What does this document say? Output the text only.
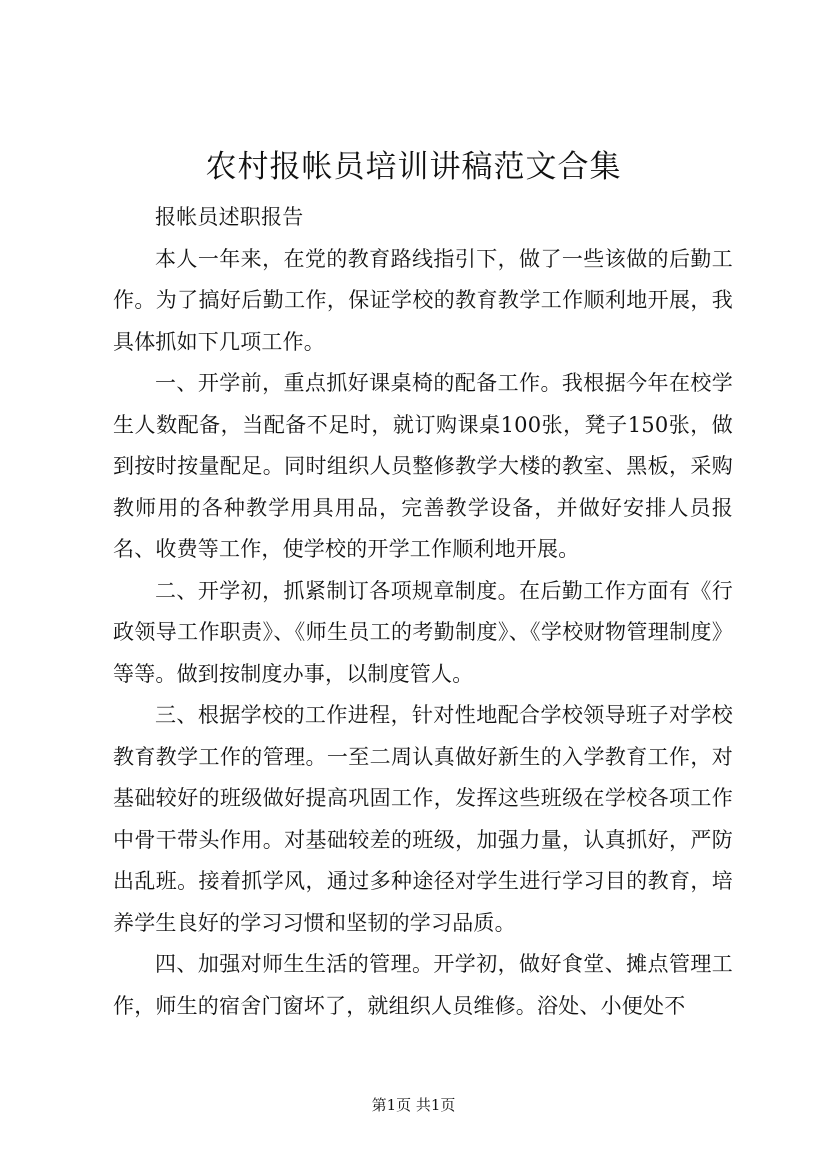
农村报帐员培训讲稿范文合集

报帐员述职报告

本人一年来，在党的教育路线指引下，做了一些该做的后勤工作。为了搞好后勤工作，保证学校的教育教学工作顺利地开展，我具体抓如下几项工作。

一、开学前，重点抓好课桌椅的配备工作。我根据今年在校学生人数配备，当配备不足时，就订购课桌100张，凳子150张，做到按时按量配足。同时组织人员整修教学大楼的教室、黑板，采购教师用的各种教学用具用品，完善教学设备，并做好安排人员报名、收费等工作，使学校的开学工作顺利地开展。

二、开学初，抓紧制订各项规章制度。在后勤工作方面有《行政领导工作职责》、《师生员工的考勤制度》、《学校财物管理制度》等等。做到按制度办事，以制度管人。

三、根据学校的工作进程，针对性地配合学校领导班子对学校教育教学工作的管理。一至二周认真做好新生的入学教育工作，对基础较好的班级做好提高巩固工作，发挥这些班级在学校各项工作中骨干带头作用。对基础较差的班级，加强力量，认真抓好，严防出乱班。接着抓学风，通过多种途径对学生进行学习目的教育，培养学生良好的学习习惯和坚韧的学习品质。

四、加强对师生生活的管理。开学初，做好食堂、摊点管理工作，师生的宿舍门窗坏了，就组织人员维修。浴处、小便处不

第1页 共1页
